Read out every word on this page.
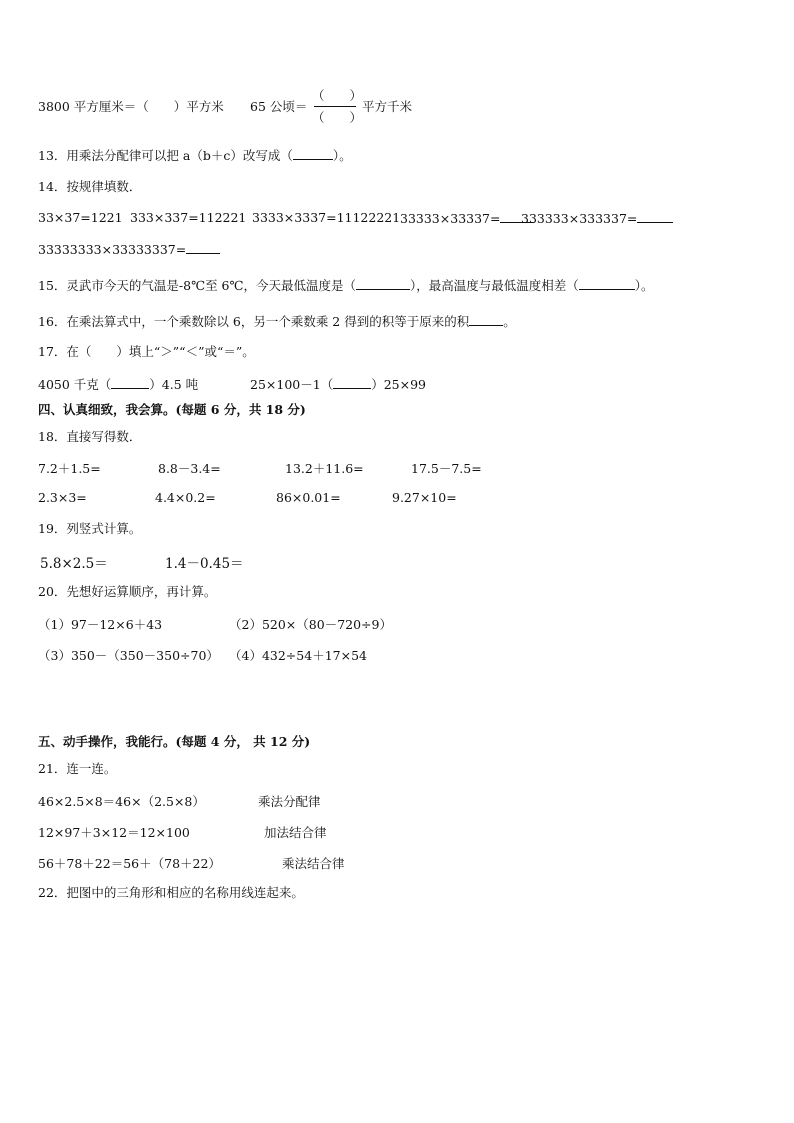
3800 平方厘米＝（　　）平方米
（　　）
（　　）
65 公顷＝	平方千米
13．用乘法分配律可以把 a（b＋c）改写成（	）。
14．按规律填数．
33×37=1221 333×337=112221 3333×3337=11122221 33333×33337=	333333×333337=
33333333×33333337=
15．灵武市今天的气温是-8℃至 6℃，今天最低温度是（	），最高温度与最低温度相差（	）。
16．在乘法算式中，一个乘数除以 6，另一个乘数乘 2 得到的积等于原来的积	。
17．在（　　）填上“＞”“＜”或“＝”。
4050 千克（	）4.5 吨	25×100－1（	）25×99
四、认真细致，我会算。(每题 6 分，共 18 分)
18．直接写得数．
7.2＋1.5=	8.8－3.4=	13.2＋11.6=	17.5－7.5=
2.3×3=	4.4×0.2=	86×0.01=	9.27×10=
19．列竖式计算。
5.8×2.5＝	1.4－0.45＝
20．先想好运算顺序，再计算。
（1）97－12×6＋43	（2）520×（80－720÷9）
（3）350－（350－350÷70） （4）432÷54＋17×54
五、动手操作，我能行。(每题 4 分， 共 12 分)
21．连一连。
46×2.5×8＝46×（2.5×8）	乘法分配律
12×97＋3×12＝12×100	加法结合律
56＋78＋22＝56＋（78＋22）	乘法结合律
22．把图中的三角形和相应的名称用线连起来。
